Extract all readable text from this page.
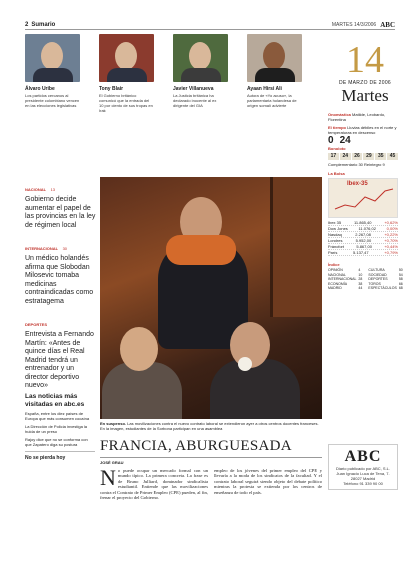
2 Sumario	MARTES 14/3/2006 ABC
Álvaro Uribe
Los partidos cercanos al presidente colombiano vencen en las elecciones legislativas
Tony Blair
El Gobierno británico comunicó que la entrada del 10 por ciento de sus tropas en Irak
Javier Villanueva
La Justicia británica ha declarado inocente al ex dirigente del GIA
Ayaan Hirsi Ali
Autora de «Yo acuso», la parlamentaria holandesa de origen somalí advierte
14
DE MARZO DE 2006
Martes
NACIONAL 13
Gobierno decide aumentar el papel de las provincias en la ley de régimen local
INTERNACIONAL 30
Un médico holandés afirma que Slobodan Milosevic tomaba medicinas contraindicadas como estratagema
DEPORTES
Entrevista a Fernando Martín: «Antes de quince días el Real Madrid tendrá un entrenador y un director deportivo nuevo»
Las noticias más visitadas en abc.es
España, entre los diez países de Europa que más consumen cocaína
La Dirección de Policía investiga la huida de un preso
Rajoy dice que no se conforma con que Zapatero diga su postura
No se pierda hoy
En suspenso. Las movilizaciones contra el nuevo contrato laboral se extendieron ayer a otros centros docentes franceses. En la imagen, estudiantes de la Sorbona participan en una asamblea
FRANCIA, ABURGUESADA
JOSÉ GRAU
No puede ocupar un mercado formal con un mundo típico. La primera concreta. La frase es de Bruno Julliard, dominador sindicalista estudiantil. Entiende que las movilizaciones contra el Contrato de Primer Empleo (CPE) pueden, al fin, frenar el proyecto del Gobierno.
empleo de los jóvenes del primer empleo del CPE y llevaría a la moda de los sindicatos de la facultad. Y el contrato laboral seguirá siendo objeto del debate político mientras la protesta se extienda por los centros de enseñanza de todo el país.
Onomástica Matilde, Leobardo, Florentina
El tiempo Lluvias débiles en el norte y temperaturas en descenso
0 24
Bonoloto
17	24	26	29	35	45
Complementario 30 Reintegro 9
La Bolsa
Ibex-35
Ibex 35	11.865,40	+0,62%
Dow Jones	11.076,02	0,00%
Nasdaq	2.267,08	+0,22%
Londres	5.952,00	+0,70%
Fráncfort	5.867,00	+0,44%
París	5.137,47	+0,79%
Índice
OPINIÓN	4	CULTURA	50
NACIONAL	10	SOCIEDAD	54
INTERNACIONAL 28	DEPORTES	58
ECONOMÍA	38	TOROS	66
MADRID	44	ESPECTÁCULOS 68
ABC
Diario publicado por ABC, S.L.
Juan Ignacio Luca de Tena, 7. 28027 Madrid
Teléfono 91 339 90 00
